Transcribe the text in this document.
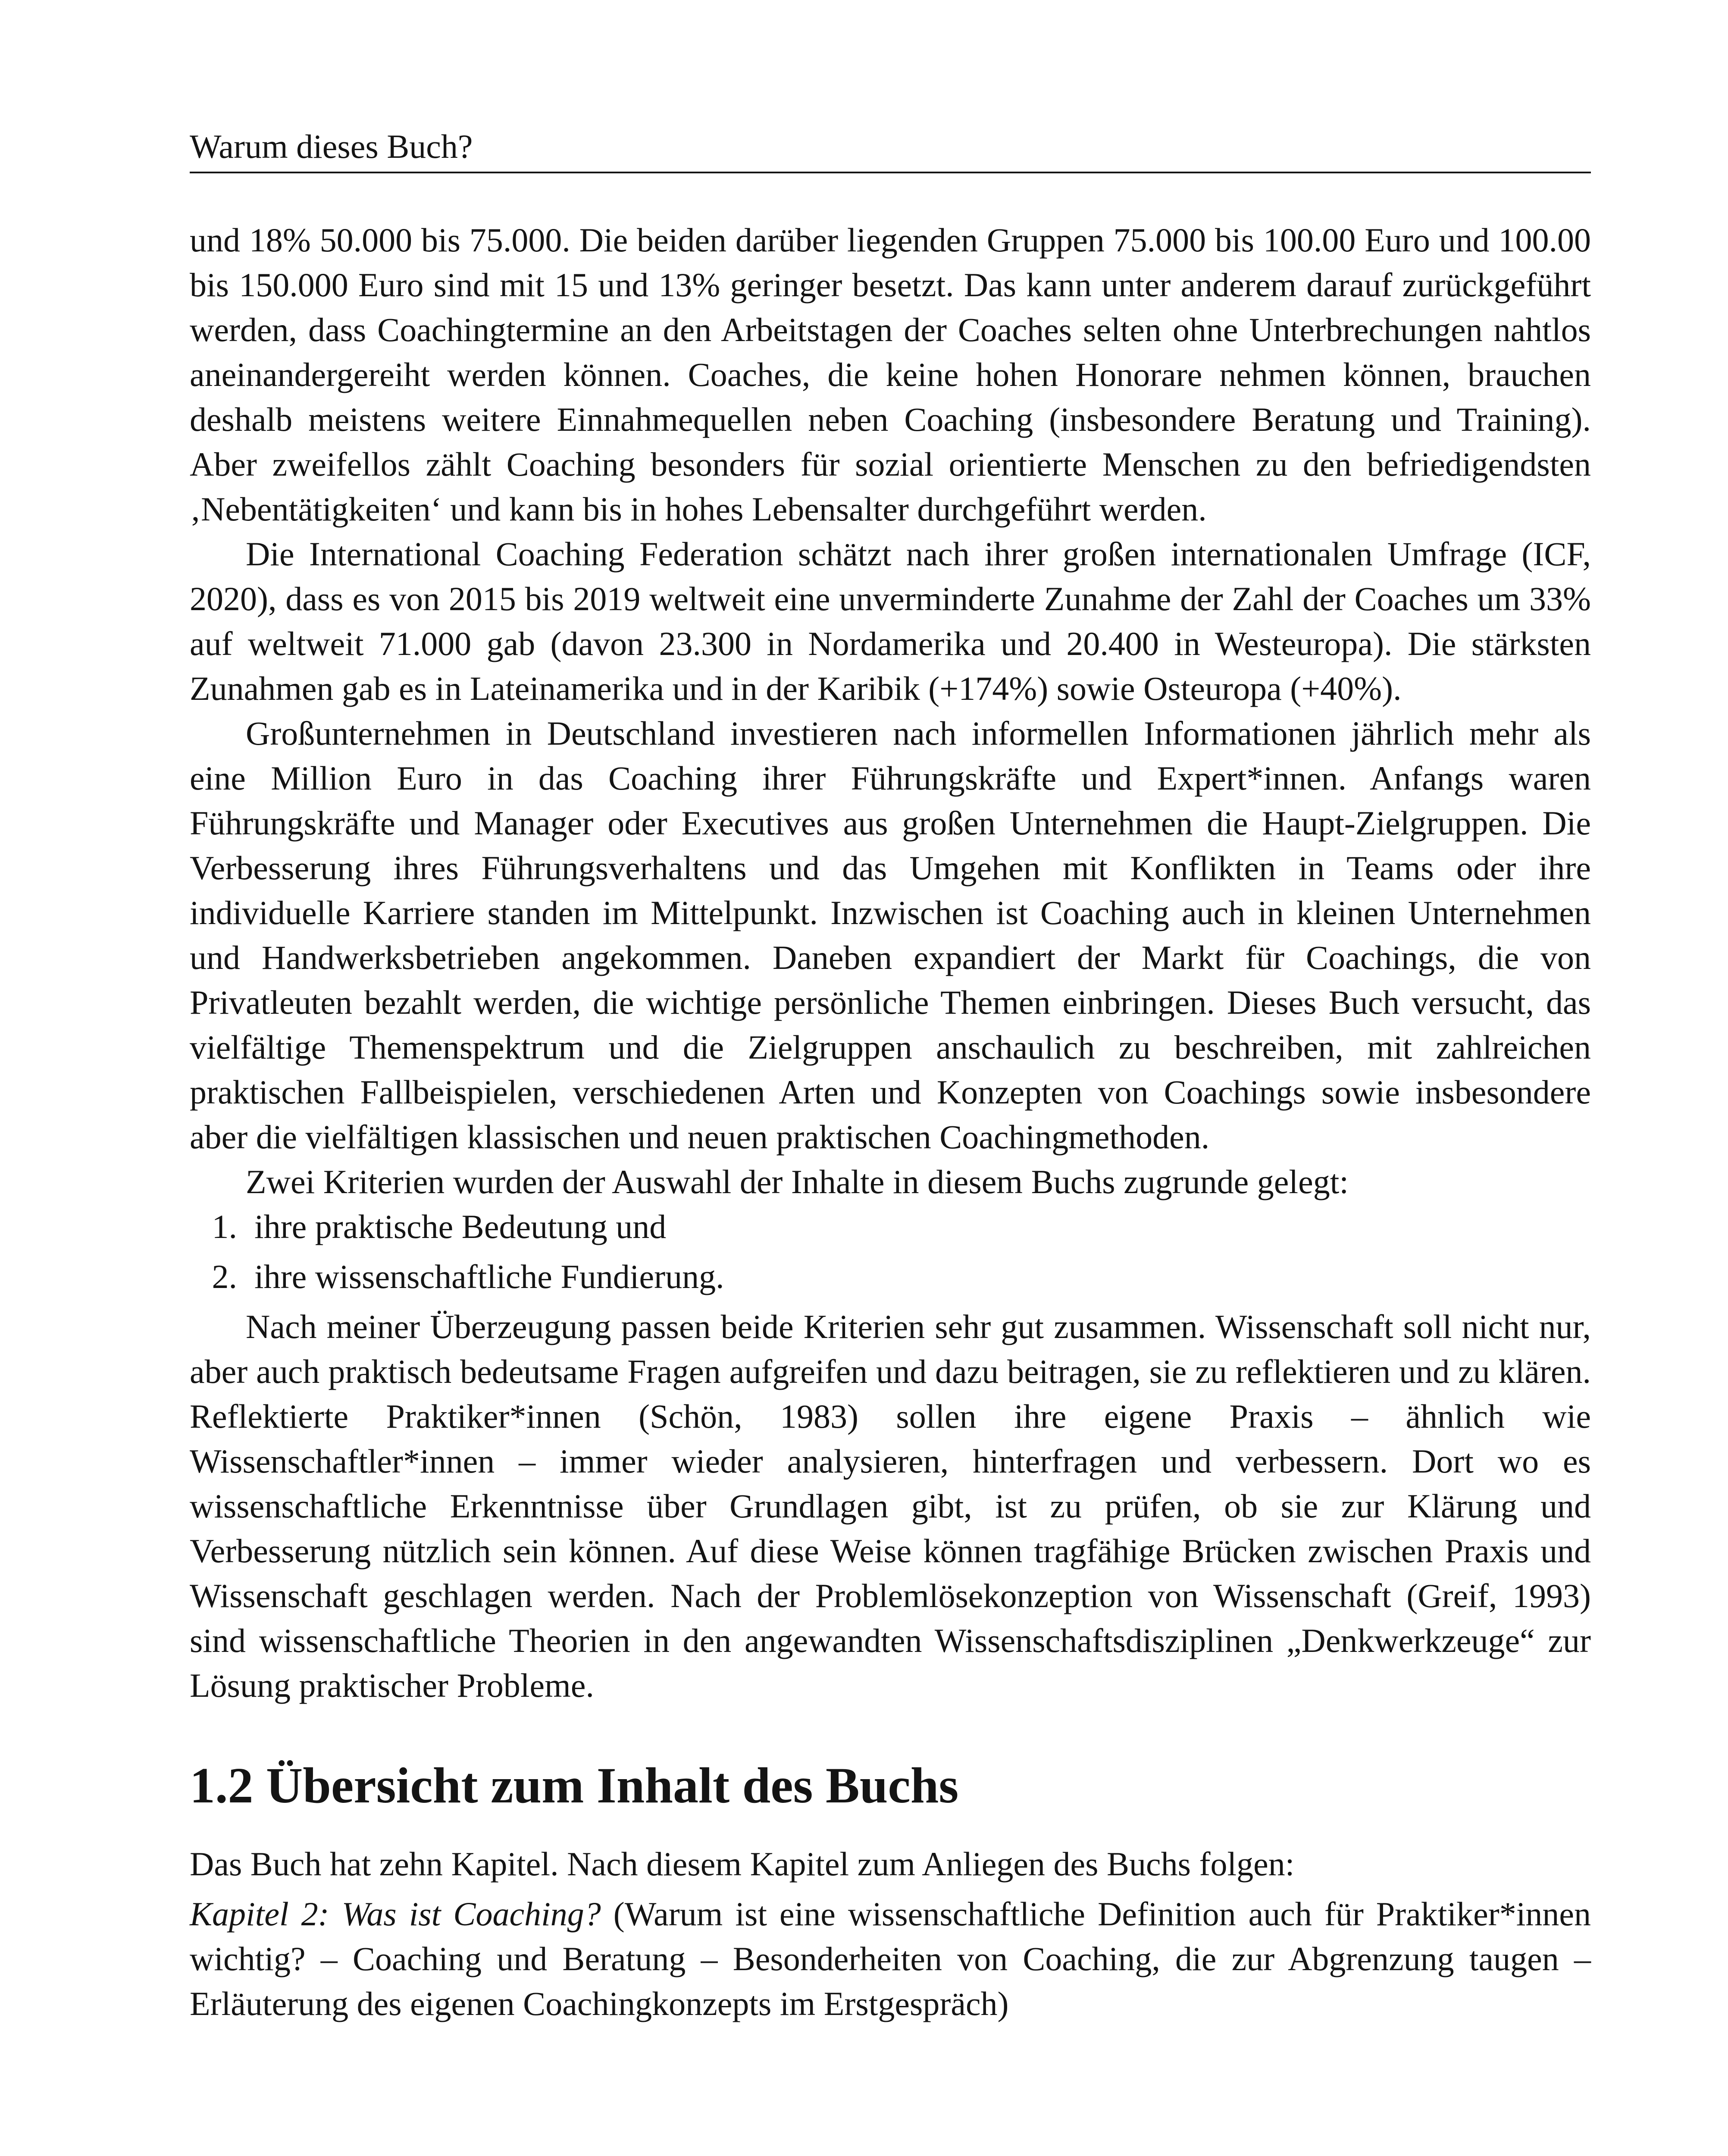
Warum dieses Buch?

und 18% 50.000 bis 75.000. Die beiden darüber liegenden Gruppen 75.000 bis 100.00 Euro und 100.00 bis 150.000 Euro sind mit 15 und 13% geringer besetzt. Das kann unter anderem darauf zurückgeführt werden, dass Coachingtermine an den Arbeitstagen der Coaches selten ohne Unterbrechungen nahtlos aneinandergereiht werden können. Coaches, die keine hohen Honorare nehmen können, brauchen deshalb meistens weitere Einnahmequellen neben Coaching (insbesondere Beratung und Training). Aber zweifellos zählt Coaching besonders für sozial orientierte Menschen zu den befriedigendsten ‚Nebentätigkeiten‘ und kann bis in hohes Lebensalter durchgeführt werden.

Die International Coaching Federation schätzt nach ihrer großen internationalen Umfrage (ICF, 2020), dass es von 2015 bis 2019 weltweit eine unverminderte Zunahme der Zahl der Coaches um 33% auf weltweit 71.000 gab (davon 23.300 in Nordamerika und 20.400 in Westeuropa). Die stärksten Zunahmen gab es in Lateinamerika und in der Karibik (+174%) sowie Osteuropa (+40%).

Großunternehmen in Deutschland investieren nach informellen Informationen jährlich mehr als eine Million Euro in das Coaching ihrer Führungskräfte und Expert*innen. Anfangs waren Führungskräfte und Manager oder Executives aus großen Unternehmen die Haupt-Zielgruppen. Die Verbesserung ihres Führungsverhaltens und das Umgehen mit Konflikten in Teams oder ihre individuelle Karriere standen im Mittelpunkt. Inzwischen ist Coaching auch in kleinen Unternehmen und Handwerksbetrieben angekommen. Daneben expandiert der Markt für Coachings, die von Privatleuten bezahlt werden, die wichtige persönliche Themen einbringen. Dieses Buch versucht, das vielfältige Themenspektrum und die Zielgruppen anschaulich zu beschreiben, mit zahlreichen praktischen Fallbeispielen, verschiedenen Arten und Konzepten von Coachings sowie insbesondere aber die vielfältigen klassischen und neuen praktischen Coachingmethoden.

Zwei Kriterien wurden der Auswahl der Inhalte in diesem Buchs zugrunde gelegt:

1. ihre praktische Bedeutung und
2. ihre wissenschaftliche Fundierung.

Nach meiner Überzeugung passen beide Kriterien sehr gut zusammen. Wissenschaft soll nicht nur, aber auch praktisch bedeutsame Fragen aufgreifen und dazu beitragen, sie zu reflektieren und zu klären. Reflektierte Praktiker*innen (Schön, 1983) sollen ihre eigene Praxis – ähnlich wie Wissenschaftler*innen – immer wieder analysieren, hinterfragen und verbessern. Dort wo es wissenschaftliche Erkenntnisse über Grundlagen gibt, ist zu prüfen, ob sie zur Klärung und Verbesserung nützlich sein können. Auf diese Weise können tragfähige Brücken zwischen Praxis und Wissenschaft geschlagen werden. Nach der Problemlösekonzeption von Wissenschaft (Greif, 1993) sind wissenschaftliche Theorien in den angewandten Wissenschaftsdisziplinen „Denkwerkzeuge“ zur Lösung praktischer Probleme.

1.2 Übersicht zum Inhalt des Buchs

Das Buch hat zehn Kapitel. Nach diesem Kapitel zum Anliegen des Buchs folgen:

Kapitel 2: Was ist Coaching? (Warum ist eine wissenschaftliche Definition auch für Praktiker*innen wichtig? – Coaching und Beratung – Besonderheiten von Coaching, die zur Abgrenzung taugen – Erläuterung des eigenen Coachingkonzepts im Erstgespräch)
